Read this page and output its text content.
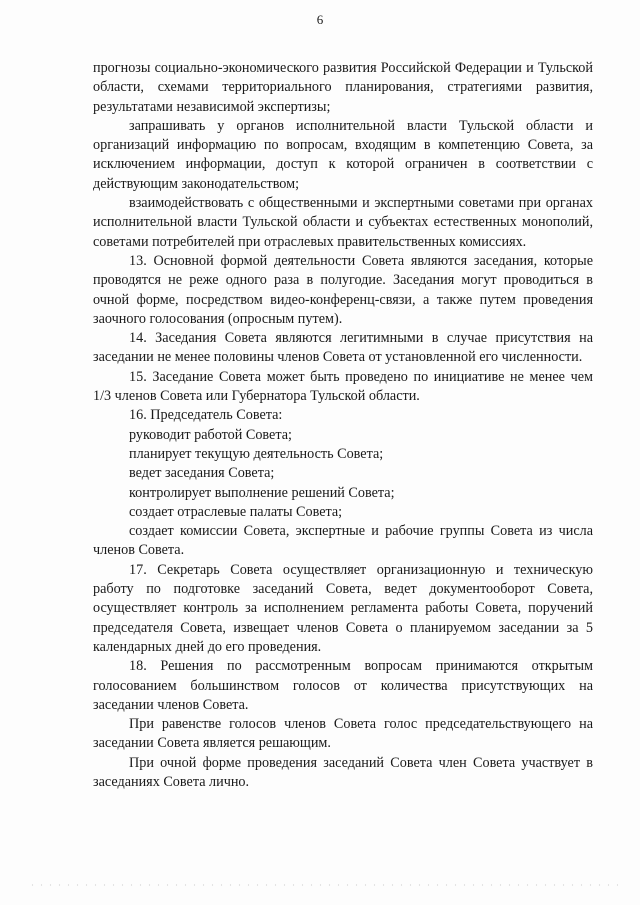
6

прогнозы социально-экономического развития Российской Федерации и Тульской области, схемами территориального планирования, стратегиями развития, результатами независимой экспертизы;

запрашивать у органов исполнительной власти Тульской области и организаций информацию по вопросам, входящим в компетенцию Совета, за исключением информации, доступ к которой ограничен в соответствии с действующим законодательством;

взаимодействовать с общественными и экспертными советами при органах исполнительной власти Тульской области и субъектах естественных монополий, советами потребителей при отраслевых правительственных комиссиях.

13. Основной формой деятельности Совета являются заседания, которые проводятся не реже одного раза в полугодие. Заседания могут проводиться в очной форме, посредством видео-конференц-связи, а также путем проведения заочного голосования (опросным путем).

14. Заседания Совета являются легитимными в случае присутствия на заседании не менее половины членов Совета от установленной его численности.

15. Заседание Совета может быть проведено по инициативе не менее чем 1/3 членов Совета или Губернатора Тульской области.

16. Председатель Совета:

руководит работой Совета;

планирует текущую деятельность Совета;

ведет заседания Совета;

контролирует выполнение решений Совета;

создает отраслевые палаты Совета;

создает комиссии Совета, экспертные и рабочие группы Совета из числа членов Совета.

17. Секретарь Совета осуществляет организационную и техническую работу по подготовке заседаний Совета, ведет документооборот Совета, осуществляет контроль за исполнением регламента работы Совета, поручений председателя Совета, извещает членов Совета о планируемом заседании за 5 календарных дней до его проведения.

18. Решения по рассмотренным вопросам принимаются открытым голосованием большинством голосов от количества присутствующих на заседании членов Совета.

При равенстве голосов членов Совета голос председательствующего на заседании Совета является решающим.

При очной форме проведения заседаний Совета член Совета участвует в заседаниях Совета лично.
